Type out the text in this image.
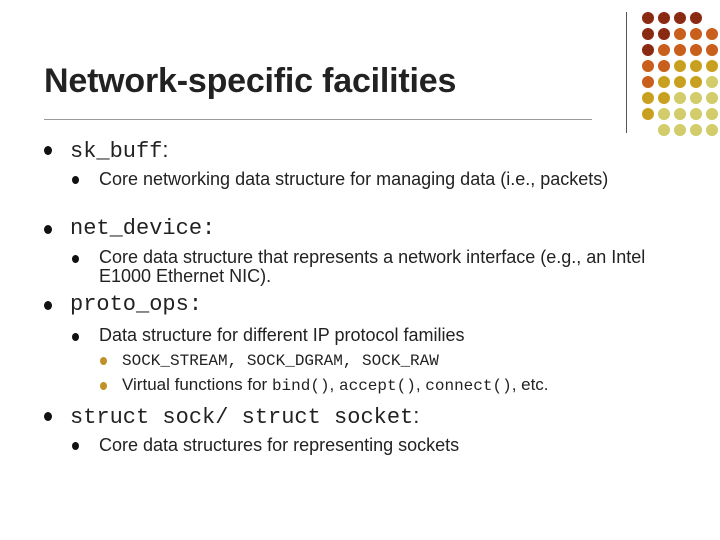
Network-specific facilities
sk_buff:
Core networking data structure for managing data (i.e., packets)
net_device:
Core data structure that represents a network interface (e.g., an Intel E1000 Ethernet NIC).
proto_ops:
Data structure for different IP protocol families
SOCK_STREAM, SOCK_DGRAM, SOCK_RAW
Virtual functions for bind(), accept(), connect(), etc.
struct sock/ struct socket:
Core data structures for representing sockets
